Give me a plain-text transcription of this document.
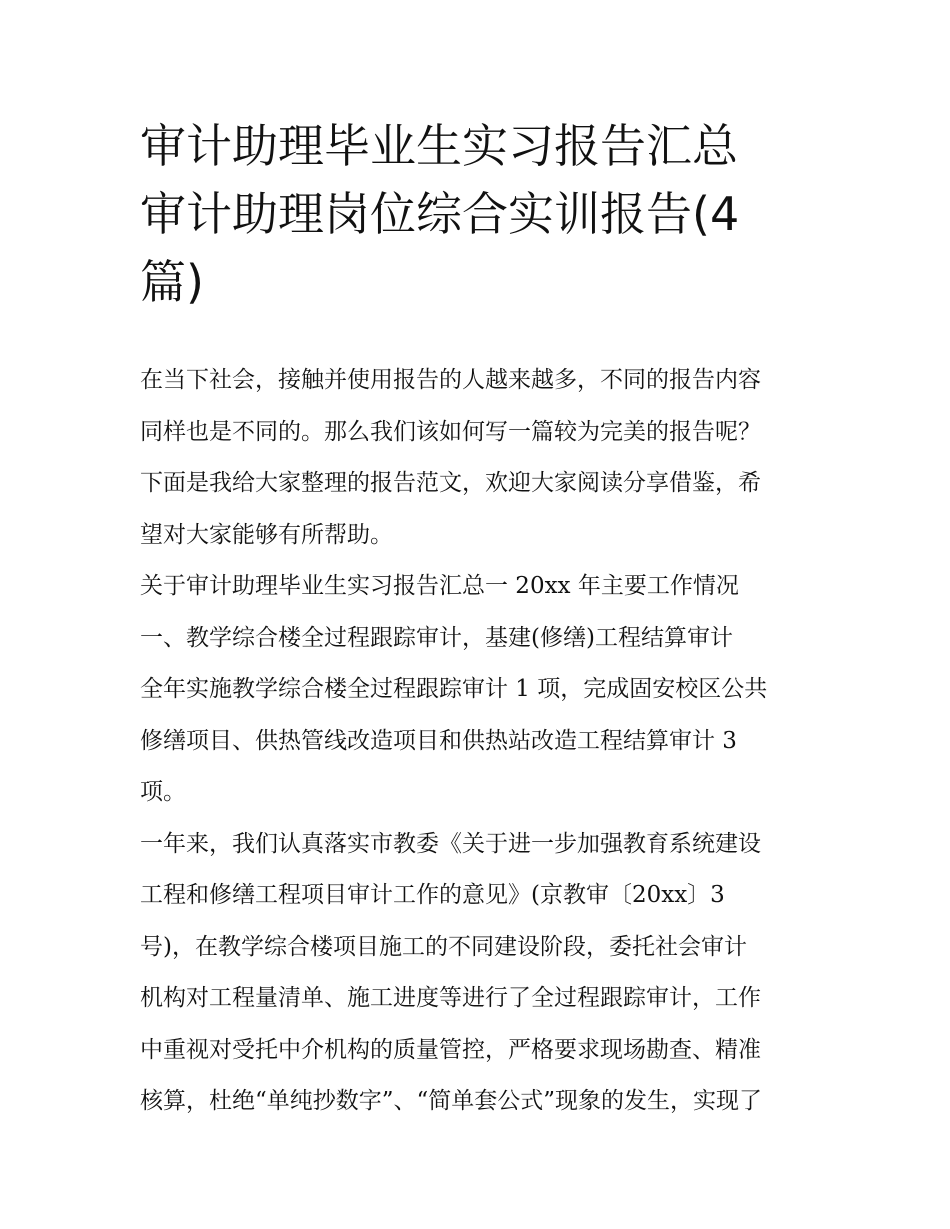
审计助理毕业生实习报告汇总
审计助理岗位综合实训报告(4
篇)
在当下社会，接触并使用报告的人越来越多，不同的报告内容
同样也是不同的。那么我们该如何写一篇较为完美的报告呢？
下面是我给大家整理的报告范文，欢迎大家阅读分享借鉴，希
望对大家能够有所帮助。
关于审计助理毕业生实习报告汇总一 20xx 年主要工作情况
一、教学综合楼全过程跟踪审计，基建(修缮)工程结算审计
全年实施教学综合楼全过程跟踪审计 1 项，完成固安校区公共
修缮项目、供热管线改造项目和供热站改造工程结算审计 3
项。
一年来，我们认真落实市教委《关于进一步加强教育系统建设
工程和修缮工程项目审计工作的意见》(京教审〔20xx〕3
号)，在教学综合楼项目施工的不同建设阶段，委托社会审计
机构对工程量清单、施工进度等进行了全过程跟踪审计，工作
中重视对受托中介机构的质量管控，严格要求现场勘查、精准
核算，杜绝“单纯抄数字”、“简单套公式”现象的发生，实现了
